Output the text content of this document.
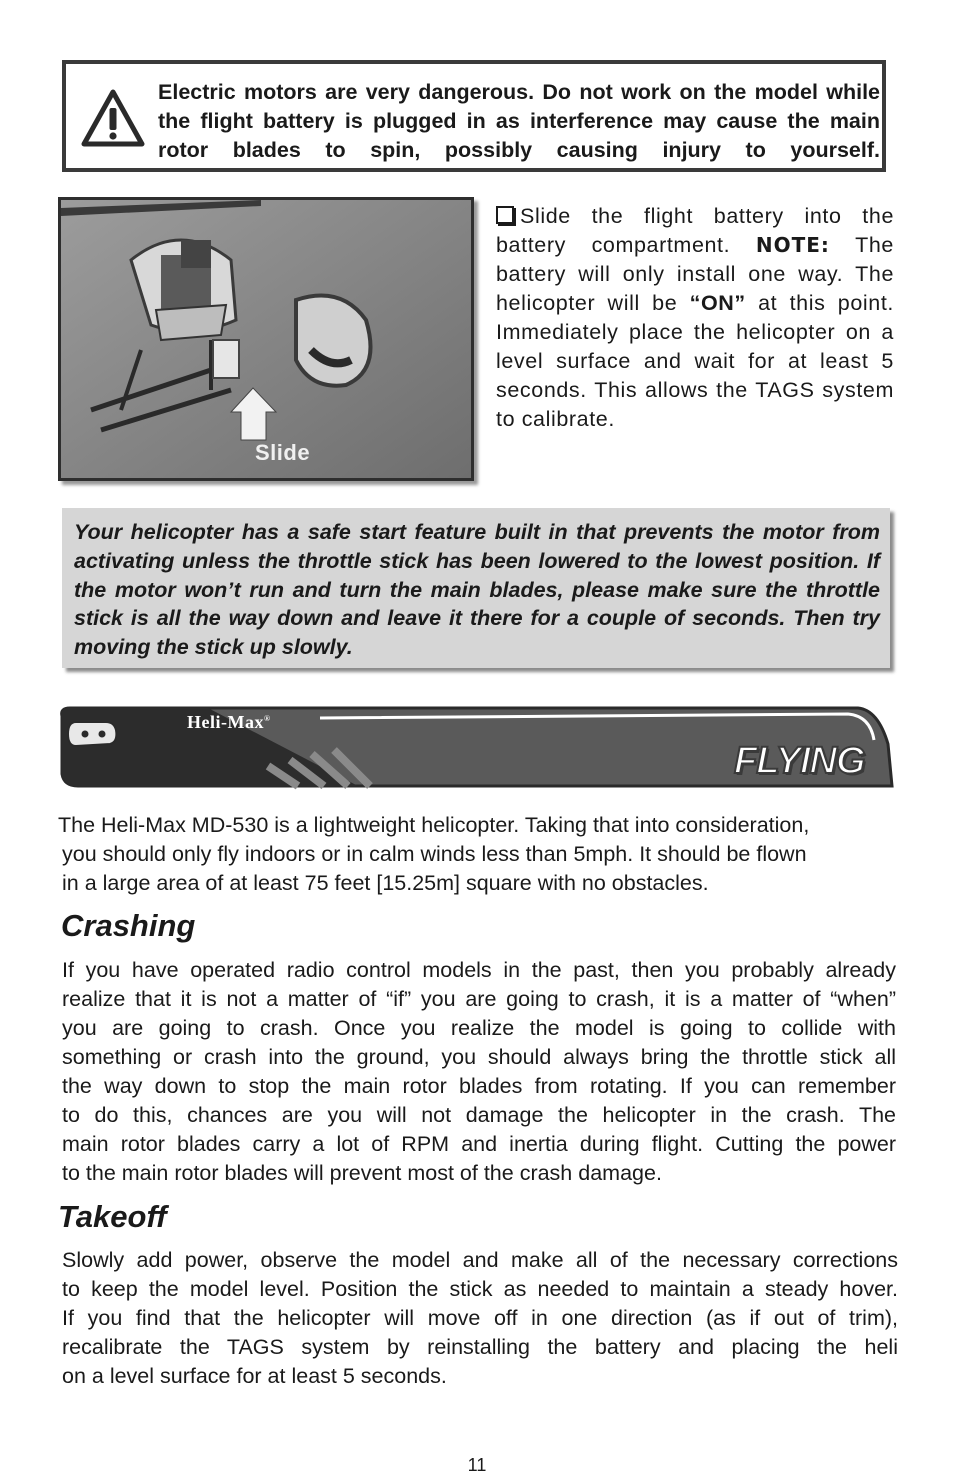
Electric motors are very dangerous. Do not work on the model while the flight battery is plugged in as interference may cause the main rotor blades to spin, possibly causing injury to yourself.
Slide
Slide the flight battery into the battery compartment. NOTE: The battery will only install one way. The helicopter will be “ON” at this point. Immediately place the helicopter on a level surface and wait for at least 5 seconds. This allows the TAGS system to calibrate.
Your helicopter has a safe start feature built in that prevents the motor from activating unless the throttle stick has been lowered to the lowest position. If the motor won’t run and turn the main blades, please make sure the throttle stick is all the way down and leave it there for a couple of seconds. Then try moving the stick up slowly.
Heli-Max®
FLYING
The Heli-Max MD-530 is a lightweight helicopter. Taking that into consideration,
you should only fly indoors or in calm winds less than 5mph. It should be flown
in a large area of at least 75 feet [15.25m] square with no obstacles.
Crashing
If you have operated radio control models in the past, then you probably already
realize that it is not a matter of “if” you are going to crash, it is a matter of “when”
you are going to crash. Once you realize the model is going to collide with
something or crash into the ground, you should always bring the throttle stick all
the way down to stop the main rotor blades from rotating. If you can remember
to do this, chances are you will not damage the helicopter in the crash. The
main rotor blades carry a lot of RPM and inertia during flight. Cutting the power
to the main rotor blades will prevent most of the crash damage.
Takeoff
Slowly add power, observe the model and make all of the necessary corrections
to keep the model level. Position the stick as needed to maintain a steady hover.
If you find that the helicopter will move off in one direction (as if out of trim),
recalibrate the TAGS system by reinstalling the battery and placing the heli
on a level surface for at least 5 seconds.
11
